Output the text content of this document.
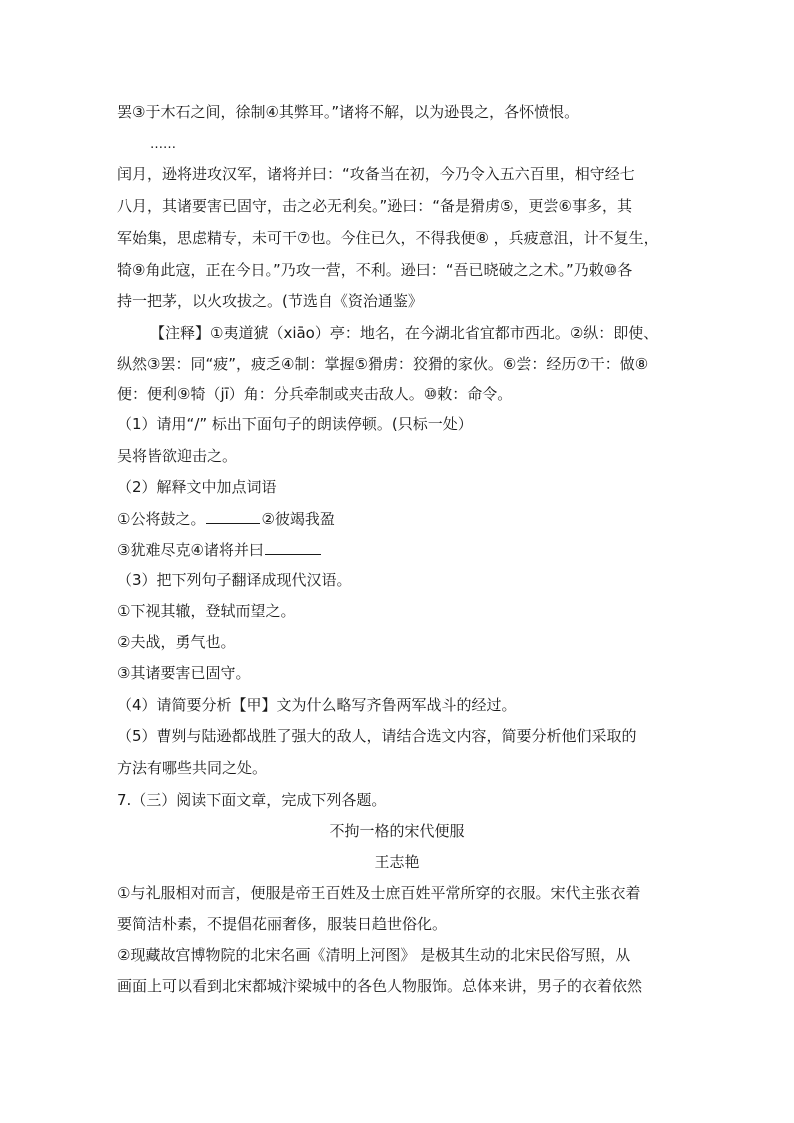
罢③于木石之间，徐制④其弊耳。”诸将不解，以为逊畏之，各怀愤恨。
……
闰月，逊将进攻汉军，诸将并曰：“攻备当在初，今乃令入五六百里，相守经七
八月，其诸要害已固守，击之必无利矣。”逊曰：“备是猾虏⑤，更尝⑥事多，其
军始集，思虑精专，未可干⑦也。今住已久，不得我便⑧ ，兵疲意沮，计不复生，
犄⑨角此寇，正在今日。”乃攻一营，不利。逊曰：“吾已晓破之之术。”乃敕⑩各
持一把茅，以火攻拔之。(节选自《资治通鉴》
【注释】①夷道猇（xiāo）亭：地名，在今湖北省宜都市西北。②纵：即使、
纵然③罢：同“疲”，疲乏④制：掌握⑤猾虏：狡猾的家伙。⑥尝：经历⑦干：做⑧
便：便利⑨犄（jī）角：分兵牵制或夹击敌人。⑩敕：命令。
（1）请用“/” 标出下面句子的朗读停顿。(只标一处）
吴将皆欲迎击之。
（2）解释文中加点词语
①公将鼓之。	②彼竭我盈
③犹难尽克④诸将并曰
（3）把下列句子翻译成现代汉语。
①下视其辙，登轼而望之。
②夫战，勇气也。
③其诸要害已固守。
（4）请简要分析【甲】文为什么略写齐鲁两军战斗的经过。
（5）曹刿与陆逊都战胜了强大的敌人，请结合选文内容，简要分析他们采取的
方法有哪些共同之处。
7.（三）阅读下面文章，完成下列各题。
不拘一格的宋代便服
王志艳
①与礼服相对而言，便服是帝王百姓及士庶百姓平常所穿的衣服。宋代主张衣着
要简洁朴素，不提倡花丽奢侈，服装日趋世俗化。
②现藏故宫博物院的北宋名画《清明上河图》 是极其生动的北宋民俗写照，从
画面上可以看到北宋都城汴梁城中的各色人物服饰。总体来讲，男子的衣着依然
